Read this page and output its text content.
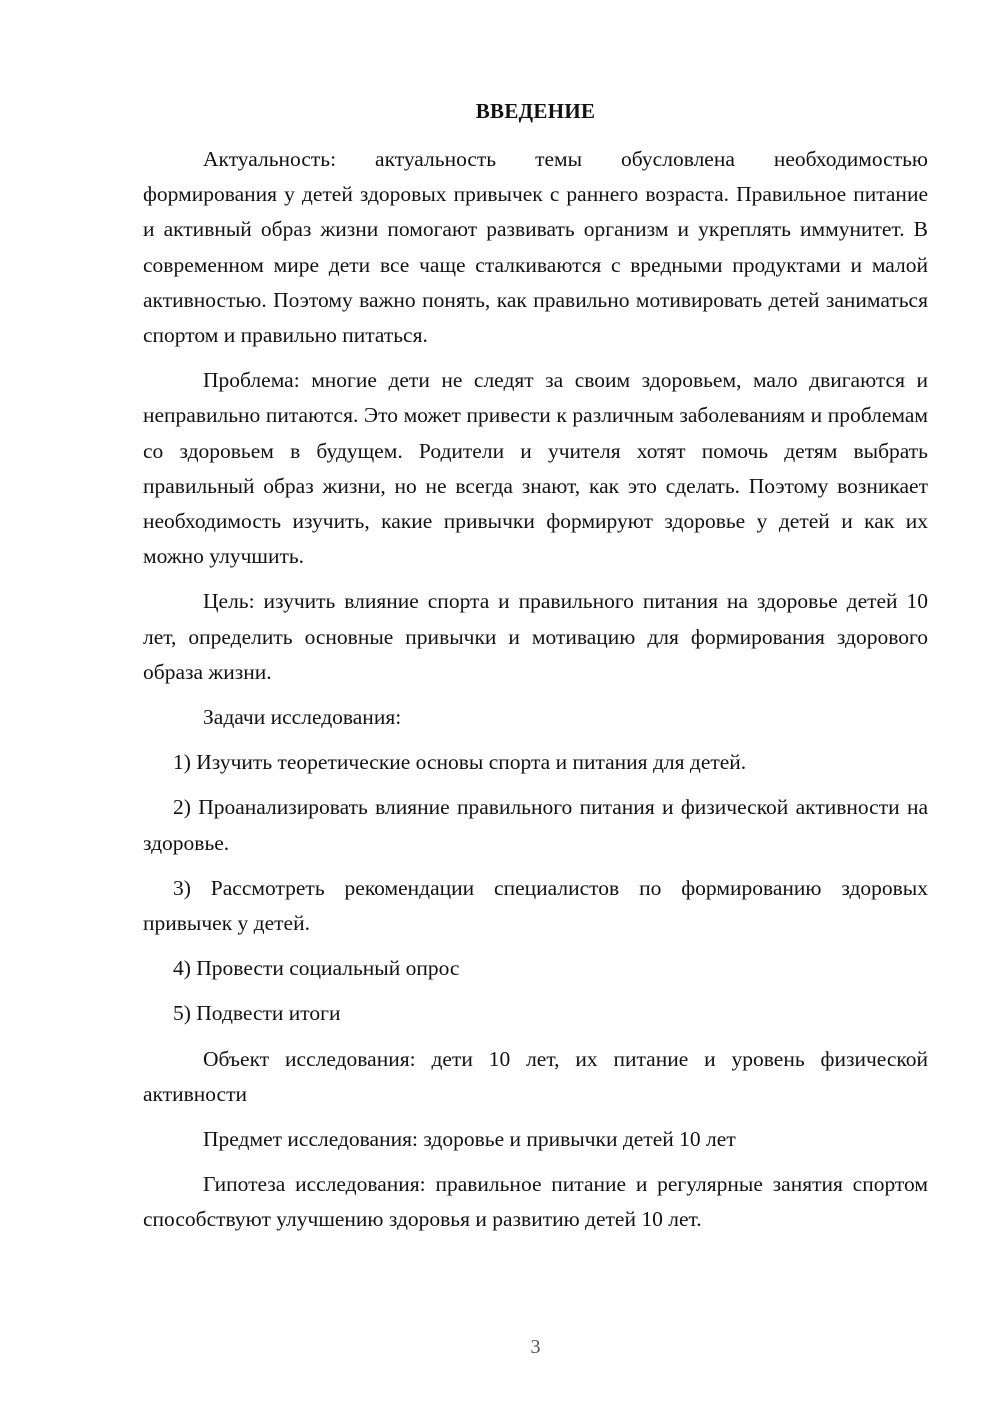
ВВЕДЕНИЕ

Актуальность: актуальность темы обусловлена необходимостью формирования у детей здоровых привычек с раннего возраста. Правильное питание и активный образ жизни помогают развивать организм и укреплять иммунитет. В современном мире дети все чаще сталкиваются с вредными продуктами и малой активностью. Поэтому важно понять, как правильно мотивировать детей заниматься спортом и правильно питаться.

Проблема: многие дети не следят за своим здоровьем, мало двигаются и неправильно питаются. Это может привести к различным заболеваниям и проблемам со здоровьем в будущем. Родители и учителя хотят помочь детям выбрать правильный образ жизни, но не всегда знают, как это сделать. Поэтому возникает необходимость изучить, какие привычки формируют здоровье у детей и как их можно улучшить.

Цель: изучить влияние спорта и правильного питания на здоровье детей 10 лет, определить основные привычки и мотивацию для формирования здорового образа жизни.

Задачи исследования:

1) Изучить теоретические основы спорта и питания для детей.

2) Проанализировать влияние правильного питания и физической активности на здоровье.

3) Рассмотреть рекомендации специалистов по формированию здоровых привычек у детей.

4) Провести социальный опрос

5) Подвести итоги

Объект исследования: дети 10 лет, их питание и уровень физической активности

Предмет исследования: здоровье и привычки детей 10 лет

Гипотеза исследования: правильное питание и регулярные занятия спортом способствуют улучшению здоровья и развитию детей 10 лет.

3
